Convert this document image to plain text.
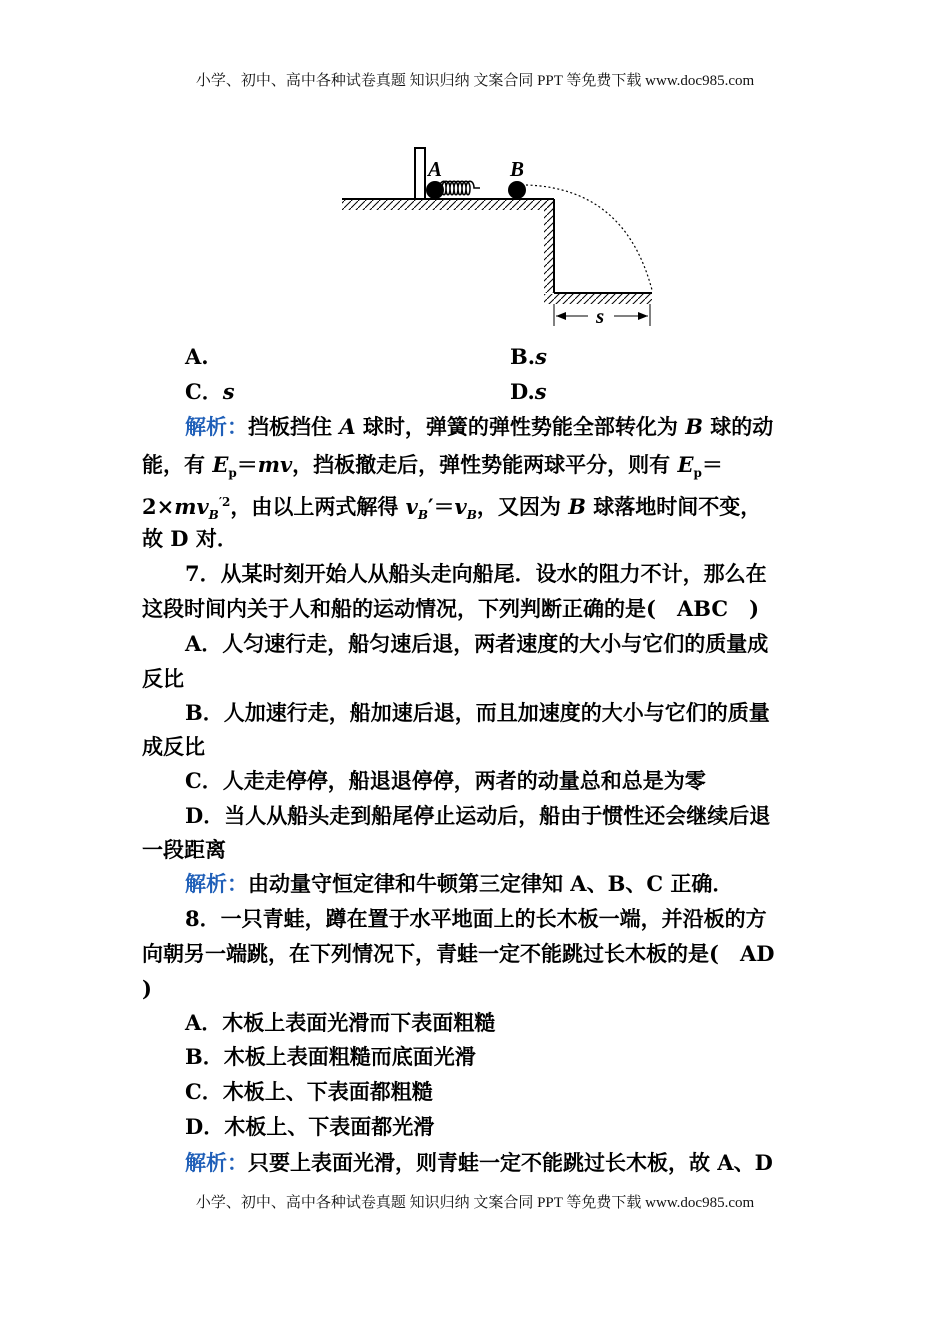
小学、初中、高中各种试卷真题 知识归纳 文案合同 PPT 等免费下载 www.doc985.com
A	B
s
A.	B.s
C．s	D.s
解析：挡板挡住 A 球时，弹簧的弹性势能全部转化为 B 球的动
能，有 $E_p=mv$，挡板撤走后，弹性势能两球平分，则有 $E_p=$
$2\times mv_B^{'2}$，由以上两式解得 $v_B'=v_B$，又因为 B 球落地时间不变，
故 D 对．
7．从某时刻开始人从船头走向船尾．设水的阻力不计，那么在
这段时间内关于人和船的运动情况，下列判断正确的是(　ABC　)
A．人匀速行走，船匀速后退，两者速度的大小与它们的质量成
反比
B．人加速行走，船加速后退，而且加速度的大小与它们的质量
成反比
C．人走走停停，船退退停停，两者的动量总和总是为零
D．当人从船头走到船尾停止运动后，船由于惯性还会继续后退
一段距离
解析：由动量守恒定律和牛顿第三定律知 A、B、C 正确．
8．一只青蛙，蹲在置于水平地面上的长木板一端，并沿板的方
向朝另一端跳，在下列情况下，青蛙一定不能跳过长木板的是(　AD
)
A．木板上表面光滑而下表面粗糙
B．木板上表面粗糙而底面光滑
C．木板上、下表面都粗糙
D．木板上、下表面都光滑
解析：只要上表面光滑，则青蛙一定不能跳过长木板，故 A、D
小学、初中、高中各种试卷真题 知识归纳 文案合同 PPT 等免费下载 www.doc985.com
